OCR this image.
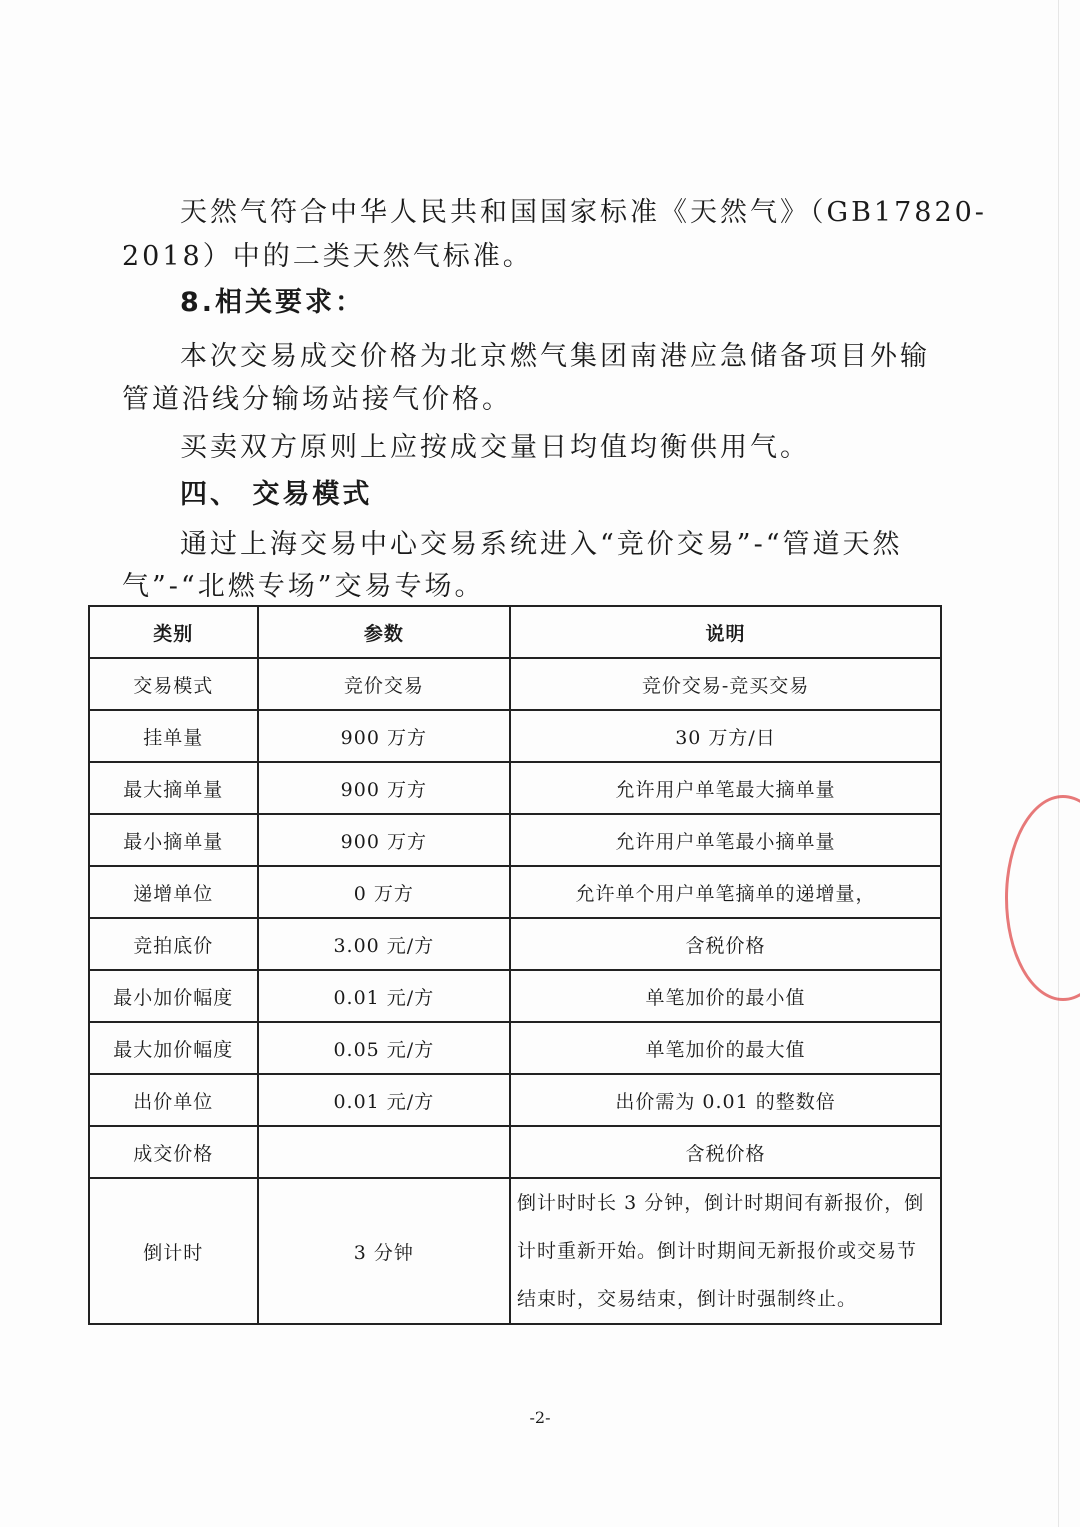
天然气符合中华人民共和国国家标准《天然气》（GB17820-
2018）中的二类天然气标准。
8.相关要求：
本次交易成交价格为北京燃气集团南港应急储备项目外输
管道沿线分输场站接气价格。
买卖双方原则上应按成交量日均值均衡供用气。
四、 交易模式
通过上海交易中心交易系统进入“竞价交易”-“管道天然
气”-“北燃专场”交易专场。
类别	参数	说明
交易模式	竞价交易	竞价交易-竞买交易
挂单量	900 万方	30 万方/日
最大摘单量	900 万方	允许用户单笔最大摘单量
最小摘单量	900 万方	允许用户单笔最小摘单量
递增单位	0 万方	允许单个用户单笔摘单的递增量，
竞拍底价	3.00 元/方	含税价格
最小加价幅度	0.01 元/方	单笔加价的最小值
最大加价幅度	0.05 元/方	单笔加价的最大值
出价单位	0.01 元/方	出价需为 0.01 的整数倍
成交价格		含税价格
倒计时	3 分钟	倒计时时长 3 分钟，倒计时期间有新报价，倒计时重新开始。倒计时期间无新报价或交易节结束时，交易结束，倒计时强制终止。
-2-
